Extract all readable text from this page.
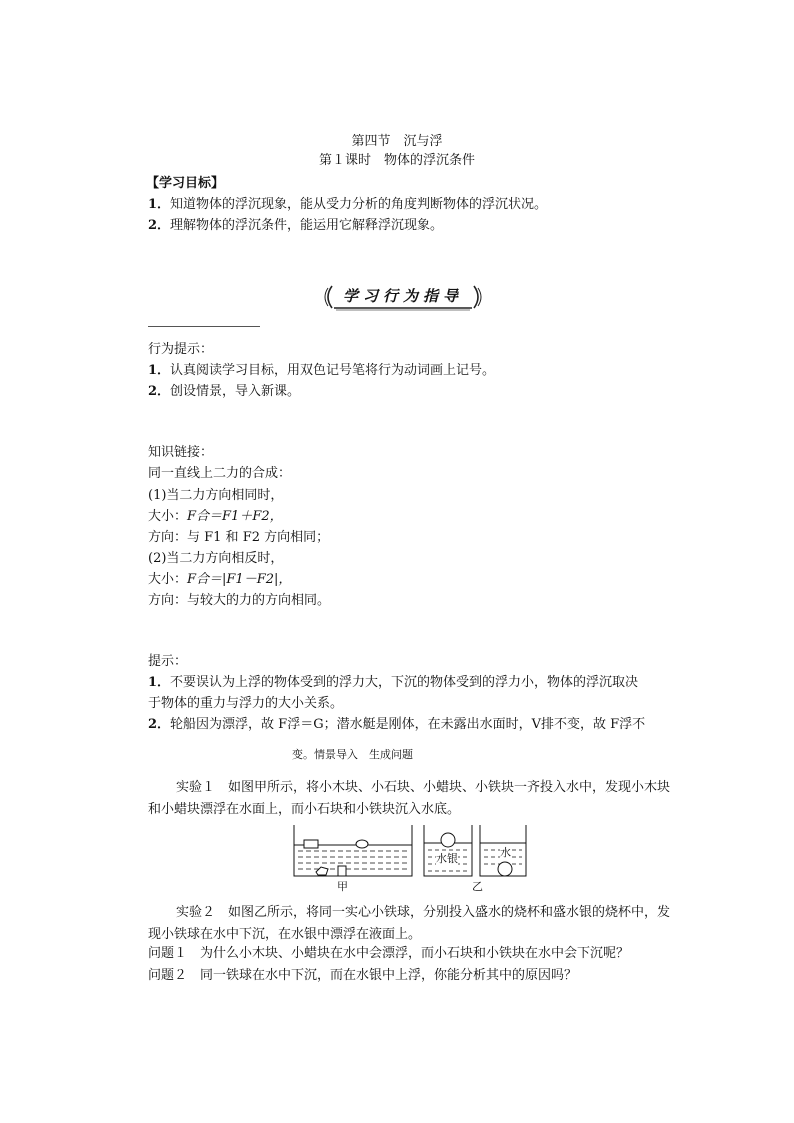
第四节　沉与浮
第１课时　物体的浮沉条件
【学习目标】
1．知道物体的浮沉现象，能从受力分析的角度判断物体的浮沉状况。
2．理解物体的浮沉条件，能运用它解释浮沉现象。
学习行为指导
行为提示：
1．认真阅读学习目标，用双色记号笔将行为动词画上记号。
2．创设情景，导入新课。
知识链接：
同一直线上二力的合成：
(1)当二力方向相同时，
大小：F合＝F1＋F2，
方向：与 F1 和 F2 方向相同；
(2)当二力方向相反时，
大小：F合＝|F1－F2|，
方向：与较大的力的方向相同。
提示：
1．不要误认为上浮的物体受到的浮力大，下沉的物体受到的浮力小，物体的浮沉取决
于物体的重力与浮力的大小关系。
2．轮船因为漂浮，故 F浮＝G；潜水艇是刚体，在未露出水面时，V排不变，故 F浮不
变。情景导入　生成问题
实验１　如图甲所示，将小木块、小石块、小蜡块、小铁块一齐投入水中，发现小木块和小蜡块漂浮在水面上，而小石块和小铁块沉入水底。
水银	水
甲	乙
实验２　如图乙所示，将同一实心小铁球，分别投入盛水的烧杯和盛水银的烧杯中，发现小铁球在水中下沉，在水银中漂浮在液面上。
问题１　为什么小木块、小蜡块在水中会漂浮，而小石块和小铁块在水中会下沉呢？
问题２　同一铁球在水中下沉，而在水银中上浮，你能分析其中的原因吗？
